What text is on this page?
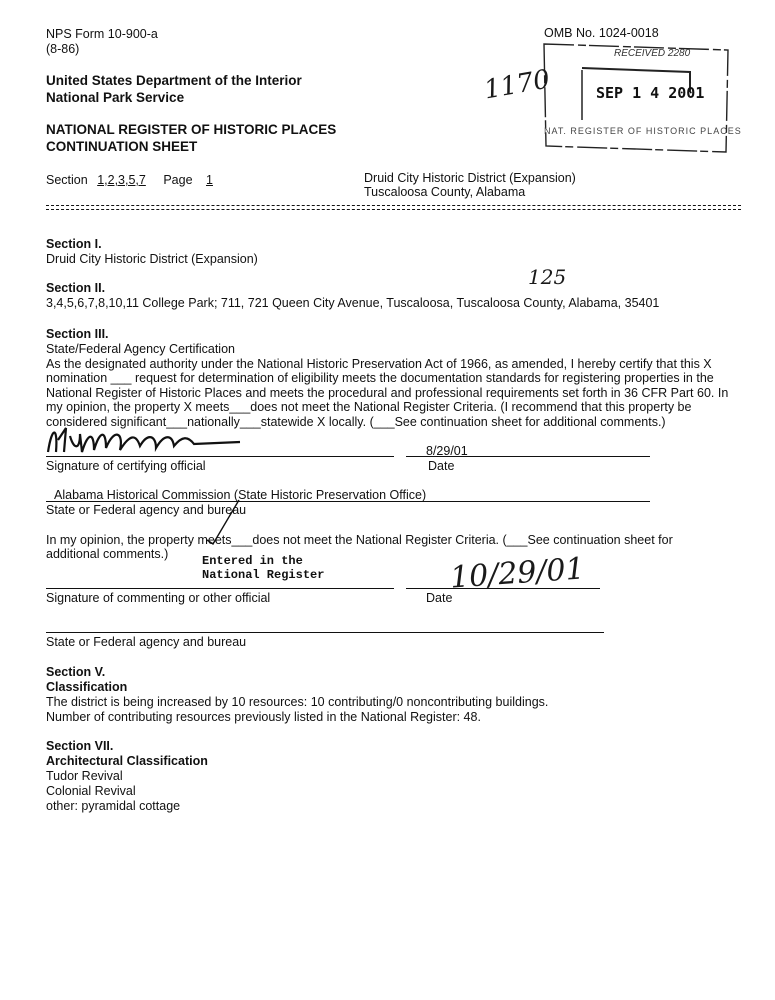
NPS Form 10-900-a
(8-86)
OMB No. 1024-0018
United States Department of the Interior
National Park Service
NATIONAL REGISTER OF HISTORIC PLACES
CONTINUATION SHEET
RECEIVED 2280
SEP 1 4 2001
NAT. REGISTER OF HISTORIC PLACES
1170
Section 1,2,3,5,7 Page 1	Druid City Historic District (Expansion)
Tuscaloosa County, Alabama
Section I.
Druid City Historic District (Expansion)
Section II.	125
3,4,5,6,7,8,10,11 College Park; 711, 721 Queen City Avenue, Tuscaloosa, Tuscaloosa County, Alabama, 35401
Section III.
State/Federal Agency Certification
As the designated authority under the National Historic Preservation Act of 1966, as amended, I hereby certify that this X
nomination ___ request for determination of eligibility meets the documentation standards for registering properties in the
National Register of Historic Places and meets the procedural and professional requirements set forth in 36 CFR Part 60. In
my opinion, the property X meets___does not meet the National Register Criteria. (I recommend that this property be
considered significant___nationally___statewide X locally. (___See continuation sheet for additional comments.)
8/29/01
Signature of certifying official	Date
Alabama Historical Commission (State Historic Preservation Office)
State or Federal agency and bureau
In my opinion, the property meets___does not meet the National Register Criteria. (___See continuation sheet for
additional comments.)	Entered in the
National Register	10/29/01
Signature of commenting or other official	Date
State or Federal agency and bureau
Section V.
Classification
The district is being increased by 10 resources: 10 contributing/0 noncontributing buildings.
Number of contributing resources previously listed in the National Register: 48.
Section VII.
Architectural Classification
Tudor Revival
Colonial Revival
other: pyramidal cottage
